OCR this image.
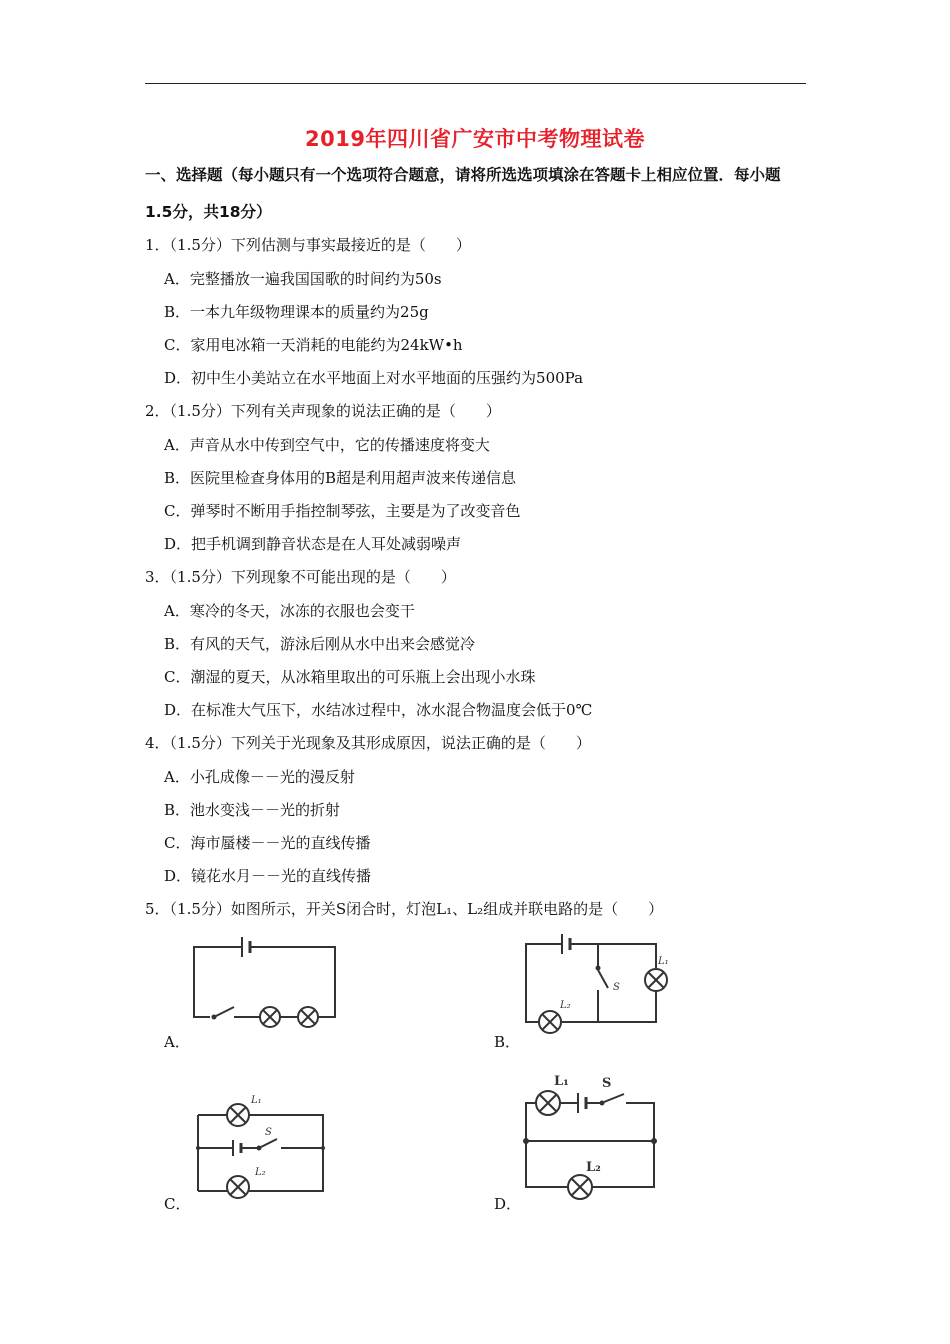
2019年四川省广安市中考物理试卷
一、选择题（每小题只有一个选项符合题意，请将所选选项填涂在答题卡上相应位置．每小题
1.5分，共18分）
1．（1.5分）下列估测与事实最接近的是（　　）
A．完整播放一遍我国国歌的时间约为50s
B．一本九年级物理课本的质量约为25g
C．家用电冰箱一天消耗的电能约为24kW•h
D．初中生小美站立在水平地面上对水平地面的压强约为500Pa
2．（1.5分）下列有关声现象的说法正确的是（　　）
A．声音从水中传到空气中，它的传播速度将变大
B．医院里检查身体用的B超是利用超声波来传递信息
C．弹琴时不断用手指控制琴弦，主要是为了改变音色
D．把手机调到静音状态是在人耳处减弱噪声
3．（1.5分）下列现象不可能出现的是（　　）
A．寒冷的冬天，冰冻的衣服也会变干
B．有风的天气，游泳后刚从水中出来会感觉冷
C．潮湿的夏天，从冰箱里取出的可乐瓶上会出现小水珠
D．在标准大气压下，水结冰过程中，冰水混合物温度会低于0℃
4．（1.5分）下列关于光现象及其形成原因，说法正确的是（　　）
A．小孔成像－－光的漫反射
B．池水变浅－－光的折射
C．海市蜃楼－－光的直线传播
D．镜花水月－－光的直线传播
5．（1.5分）如图所示，开关S闭合时，灯泡L₁、L₂组成并联电路的是（　　）
A．
S
L₁
L₂
B．
L₁
S
L₂
C．
L₁	S
L₂
D．
